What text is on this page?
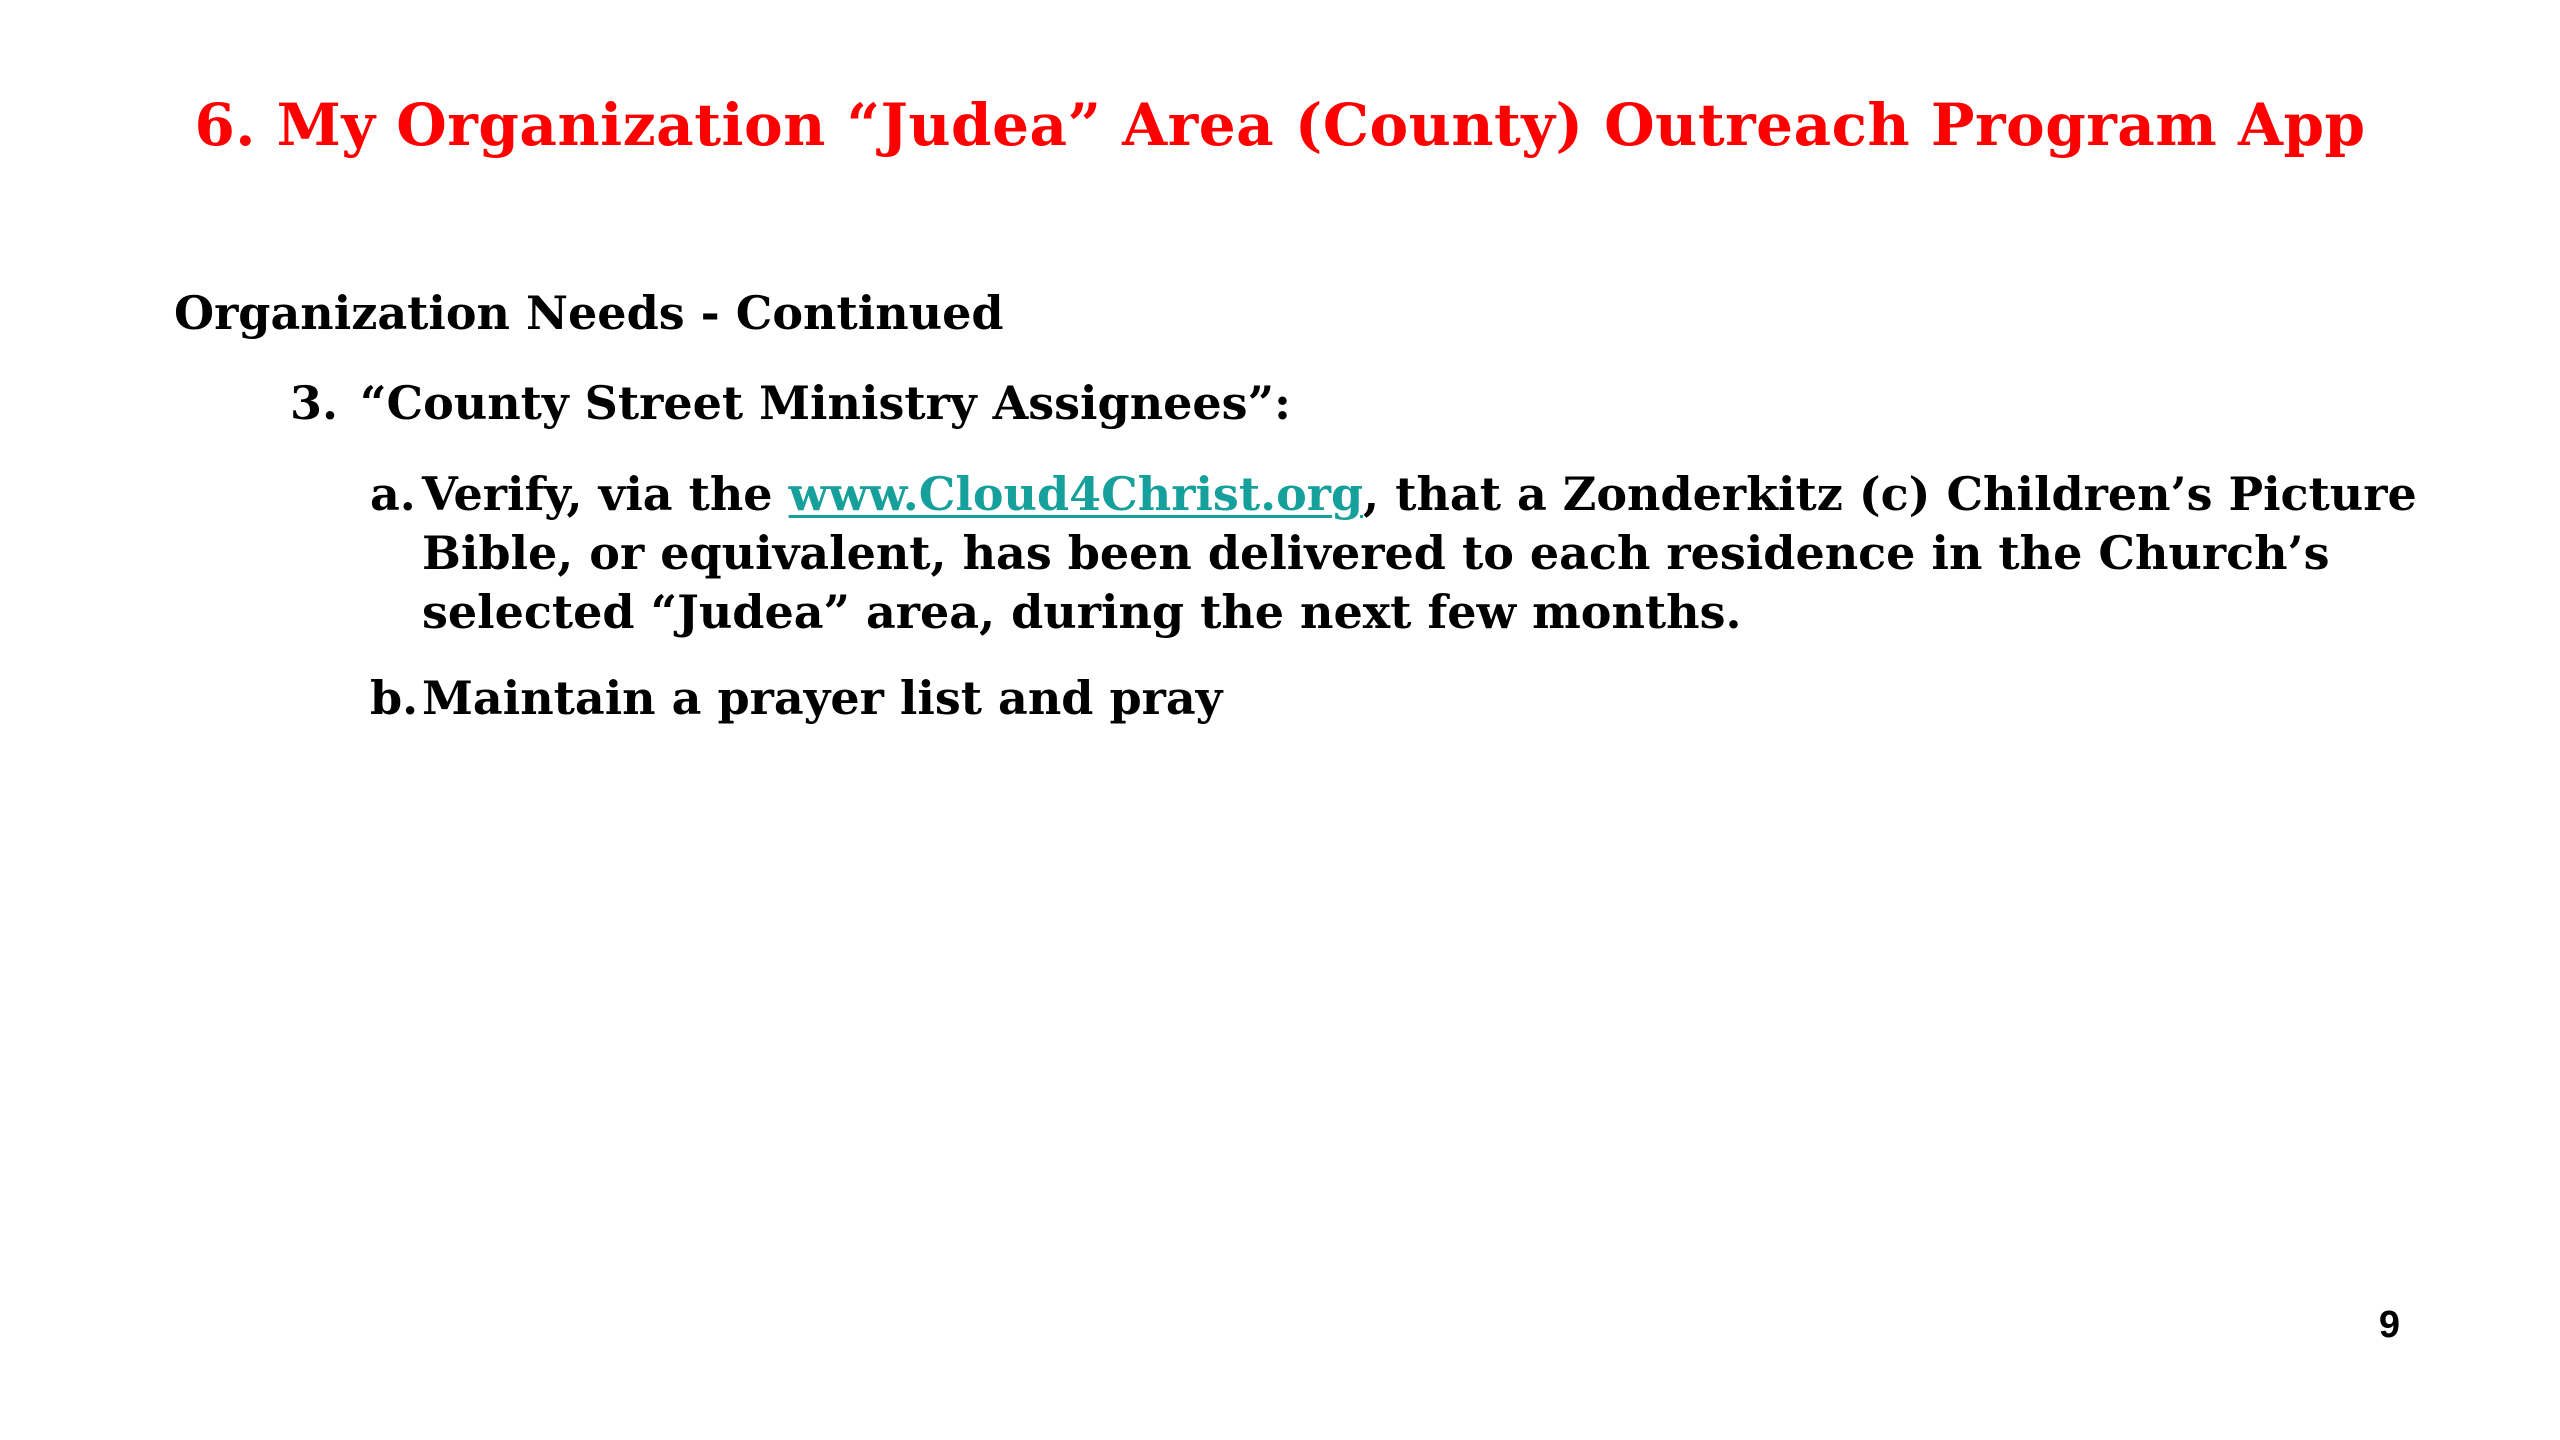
6. My Organization “Judea” Area (County) Outreach Program App
Organization Needs - Continued
3. “County Street Ministry Assignees”:
a. Verify, via the www.Cloud4Christ.org, that a Zonderkitz (c) Children’s Picture
Bible, or equivalent, has been delivered to each residence in the Church’s
selected “Judea” area, during the next few months.
b.Maintain a prayer list and pray
9
